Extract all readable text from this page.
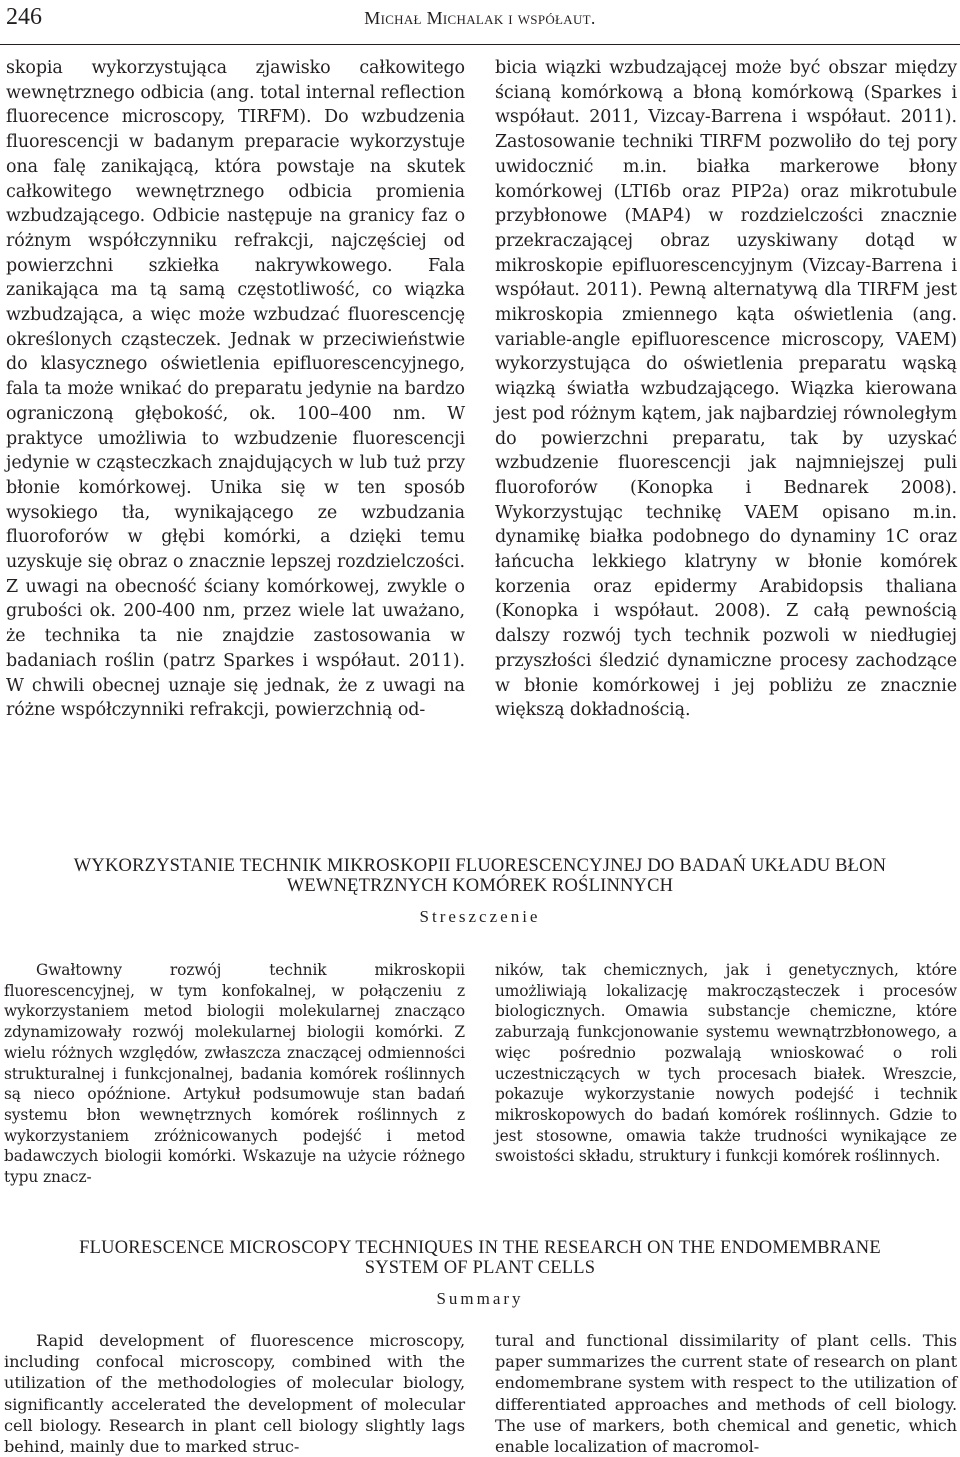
246	Michał Michalak i współaut.

skopia wykorzystująca zjawisko całkowitego wewnętrznego odbicia (ang. total internal reflection fluorecence microscopy, TIRFM). Do wzbudzenia fluorescencji w badanym preparacie wykorzystuje ona falę zanikającą, która powstaje na skutek całkowitego wewnętrznego odbicia promienia wzbudzającego. Odbicie następuje na granicy faz o różnym współczynniku refrakcji, najczęściej od powierzchni szkiełka nakrywkowego. Fala zanikająca ma tą samą częstotliwość, co wiązka wzbudzająca, a więc może wzbudzać fluorescencję określonych cząsteczek. Jednak w przeciwieństwie do klasycznego oświetlenia epifluorescencyjnego, fala ta może wnikać do preparatu jedynie na bardzo ograniczoną głębokość, ok. 100–400 nm. W praktyce umożliwia to wzbudzenie fluorescencji jedynie w cząsteczkach znajdujących w lub tuż przy błonie komórkowej. Unika się w ten sposób wysokiego tła, wynikającego ze wzbudzania fluoroforów w głębi komórki, a dzięki temu uzyskuje się obraz o znacznie lepszej rozdzielczości. Z uwagi na obecność ściany komórkowej, zwykle o grubości ok. 200-400 nm, przez wiele lat uważano, że technika ta nie znajdzie zastosowania w badaniach roślin (patrz Sparkes i współaut. 2011). W chwili obecnej uznaje się jednak, że z uwagi na różne współczynniki refrakcji, powierzchnią od-

bicia wiązki wzbudzającej może być obszar między ścianą komórkową a błoną komórkową (Sparkes i współaut. 2011, Vizcay-Barrena i współaut. 2011). Zastosowanie techniki TIRFM pozwoliło do tej pory uwidocznić m.in. białka markerowe błony komórkowej (LTI6b oraz PIP2a) oraz mikrotubule przybłonowe (MAP4) w rozdzielczości znacznie przekraczającej obraz uzyskiwany dotąd w mikroskopie epifluorescencyjnym (Vizcay-Barrena i współaut. 2011). Pewną alternatywą dla TIRFM jest mikroskopia zmiennego kąta oświetlenia (ang. variable-angle epifluorescence microscopy, VAEM) wykorzystująca do oświetlenia preparatu wąską wiązką światła wzbudzającego. Wiązka kierowana jest pod różnym kątem, jak najbardziej równoległym do powierzchni preparatu, tak by uzyskać wzbudzenie fluorescencji jak najmniejszej puli fluoroforów (Konopka i Bednarek 2008). Wykorzystując technikę VAEM opisano m.in. dynamikę białka podobnego do dynaminy 1C oraz łańcucha lekkiego klatryny w błonie komórek korzenia oraz epidermy Arabidopsis thaliana (Konopka i współaut. 2008). Z całą pewnością dalszy rozwój tych technik pozwoli w niedługiej przyszłości śledzić dynamiczne procesy zachodzące w błonie komórkowej i jej pobliżu ze znacznie większą dokładnością.

WYKORZYSTANIE TECHNIK MIKROSKOPII FLUORESCENCYJNEJ DO BADAŃ UKŁADU BŁON
WEWNĘTRZNYCH KOMÓREK ROŚLINNYCH
Streszczenie

Gwałtowny rozwój technik mikroskopii fluorescencyjnej, w tym konfokalnej, w połączeniu z wykorzystaniem metod biologii molekularnej znacząco zdynamizowały rozwój molekularnej biologii komórki. Z wielu różnych względów, zwłaszcza znaczącej odmienności strukturalnej i funkcjonalnej, badania komórek roślinnych są nieco opóźnione. Artykuł podsumowuje stan badań systemu błon wewnętrznych komórek roślinnych z wykorzystaniem zróżnicowanych podejść i metod badawczych biologii komórki. Wskazuje na użycie różnego typu znacz-

ników, tak chemicznych, jak i genetycznych, które umożliwiają lokalizację makrocząsteczek i procesów biologicznych. Omawia substancje chemiczne, które zaburzają funkcjonowanie systemu wewnątrzbłonowego, a więc pośrednio pozwalają wnioskować o roli uczestniczących w tych procesach białek. Wreszcie, pokazuje wykorzystanie nowych podejść i technik mikroskopowych do badań komórek roślinnych. Gdzie to jest stosowne, omawia także trudności wynikające ze swoistości składu, struktury i funkcji komórek roślinnych.

FLUORESCENCE MICROSCOPY TECHNIQUES IN THE RESEARCH ON THE ENDOMEMBRANE
SYSTEM OF PLANT CELLS
Summary

Rapid development of fluorescence microscopy, including confocal microscopy, combined with the utilization of the methodologies of molecular biology, significantly accelerated the development of molecular cell biology. Research in plant cell biology slightly lags behind, mainly due to marked struc-

tural and functional dissimilarity of plant cells. This paper summarizes the current state of research on plant endomembrane system with respect to the utilization of differentiated approaches and methods of cell biology. The use of markers, both chemical and genetic, which enable localization of macromol-
